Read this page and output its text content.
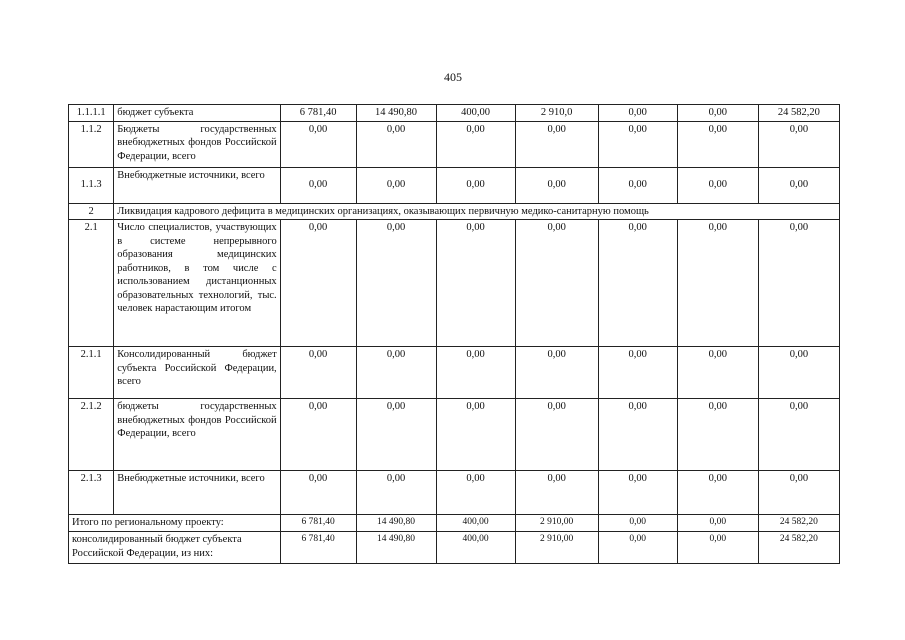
405
1.1.1.1	бюджет субъекта	6 781,40	14 490,80	400,00	2 910,0	0,00	0,00	24 582,20
1.1.2	Бюджеты государственных внебюджетных фондов Российской Федерации, всего	0,00	0,00	0,00	0,00	0,00	0,00	0,00
1.1.3	Внебюджетные источники, всего	0,00	0,00	0,00	0,00	0,00	0,00	0,00
2	Ликвидация кадрового дефицита в медицинских организациях, оказывающих первичную медико-санитарную помощь							
2.1	Число специалистов, участвующих в системе непрерывного образования медицинских работников, в том числе с использованием дистанционных образовательных технологий, тыс. человек нарастающим итогом	0,00	0,00	0,00	0,00	0,00	0,00	0,00
2.1.1	Консолидированный бюджет субъекта Российской Федерации, всего	0,00	0,00	0,00	0,00	0,00	0,00	0,00
2.1.2	бюджеты государственных внебюджетных фондов Российской Федерации, всего	0,00	0,00	0,00	0,00	0,00	0,00	0,00
2.1.3	Внебюджетные источники, всего	0,00	0,00	0,00	0,00	0,00	0,00	0,00
Итого по региональному проекту:		6 781,40	14 490,80	400,00	2 910,00	0,00	0,00	24 582,20
консолидированный бюджет субъекта Российской Федерации, из них:		6 781,40	14 490,80	400,00	2 910,00	0,00	0,00	24 582,20
